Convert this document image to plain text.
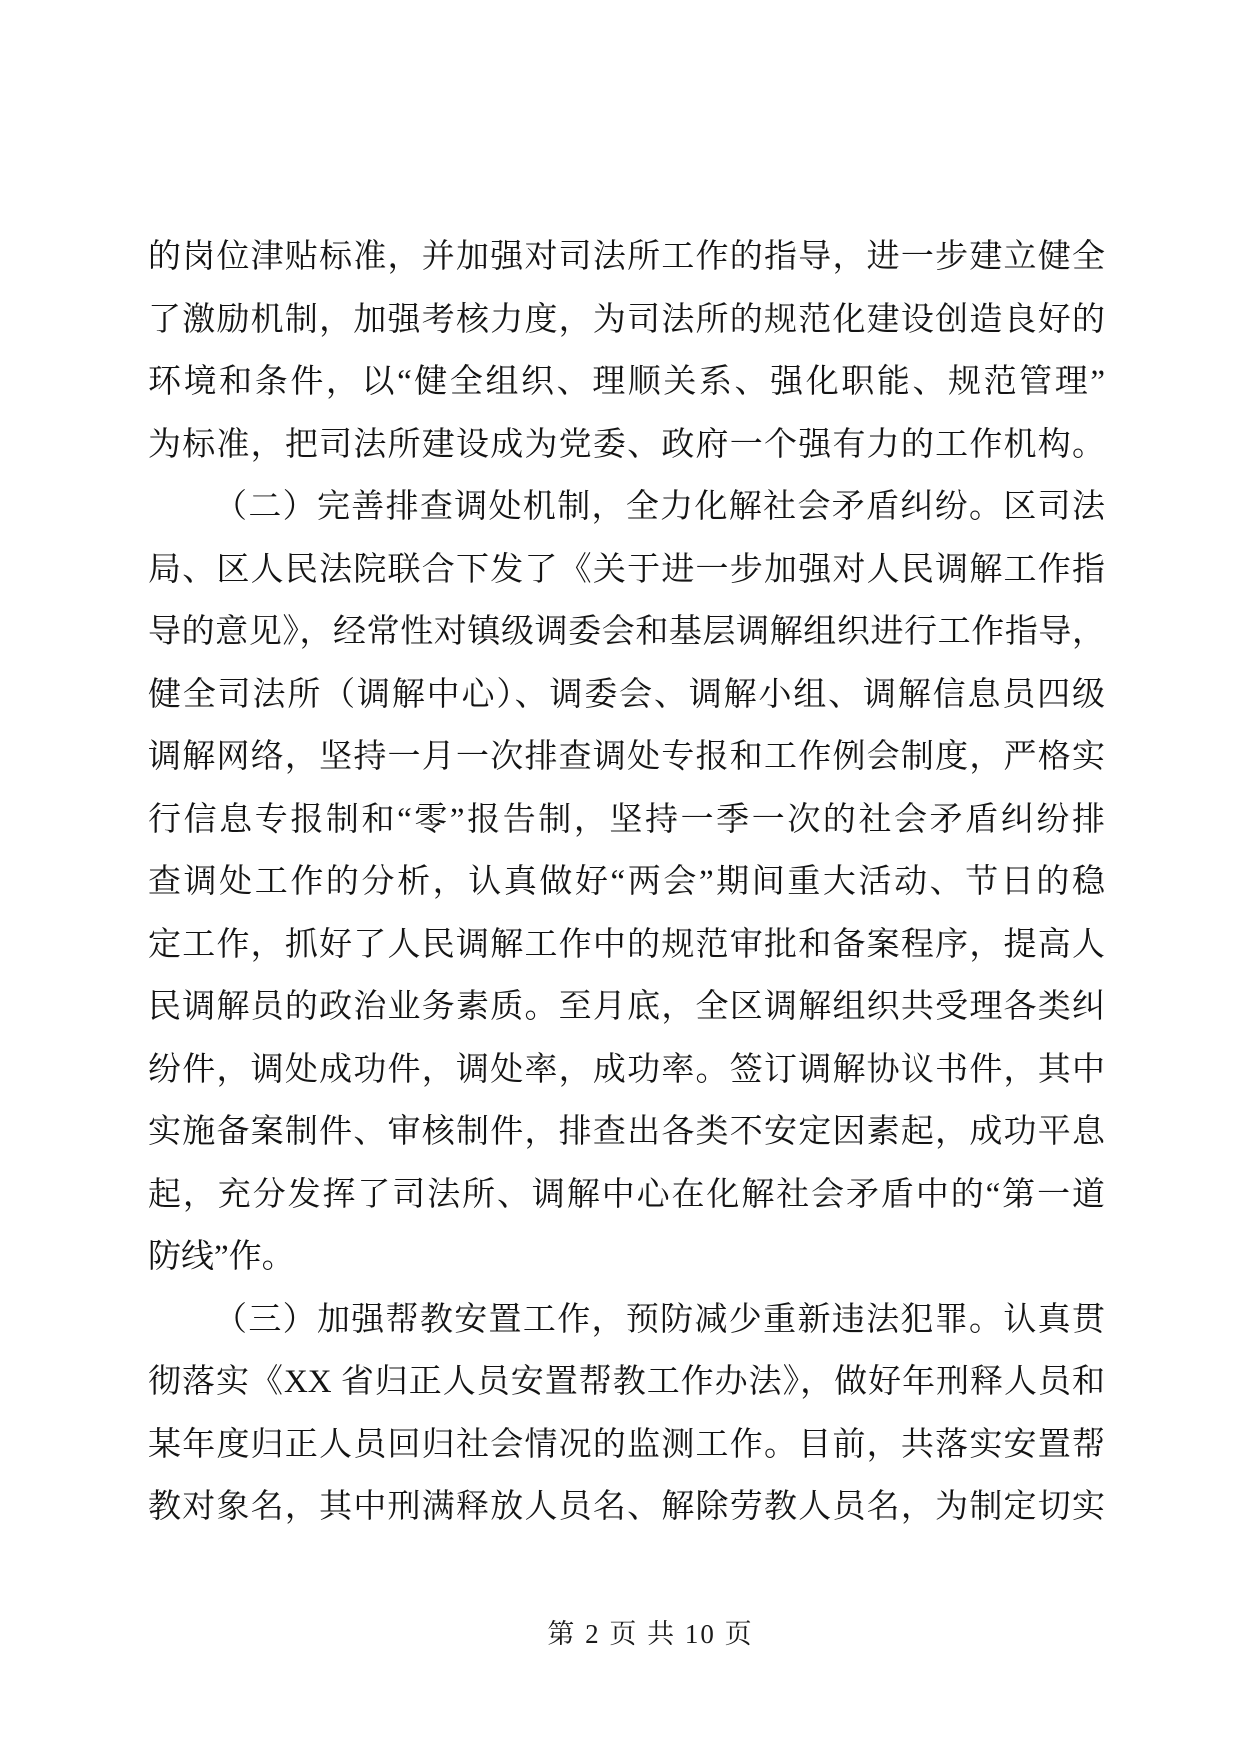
的岗位津贴标准，并加强对司法所工作的指导，进一步建立健全
了激励机制，加强考核力度，为司法所的规范化建设创造良好的
环境和条件，以“健全组织、理顺关系、强化职能、规范管理”
为标准，把司法所建设成为党委、政府一个强有力的工作机构。
（二）完善排查调处机制，全力化解社会矛盾纠纷。区司法
局、区人民法院联合下发了《关于进一步加强对人民调解工作指
导的意见》，经常性对镇级调委会和基层调解组织进行工作指导，
健全司法所（调解中心）、调委会、调解小组、调解信息员四级
调解网络，坚持一月一次排查调处专报和工作例会制度，严格实
行信息专报制和“零”报告制，坚持一季一次的社会矛盾纠纷排
查调处工作的分析，认真做好“两会”期间重大活动、节日的稳
定工作，抓好了人民调解工作中的规范审批和备案程序，提高人
民调解员的政治业务素质。至月底，全区调解组织共受理各类纠
纷件，调处成功件，调处率，成功率。签订调解协议书件，其中
实施备案制件、审核制件，排查出各类不安定因素起，成功平息
起，充分发挥了司法所、调解中心在化解社会矛盾中的“第一道
防线”作。
（三）加强帮教安置工作，预防减少重新违法犯罪。认真贯
彻落实《XX 省归正人员安置帮教工作办法》，做好年刑释人员和
某年度归正人员回归社会情况的监测工作。目前，共落实安置帮
教对象名，其中刑满释放人员名、解除劳教人员名，为制定切实
第 2 页 共 10 页
